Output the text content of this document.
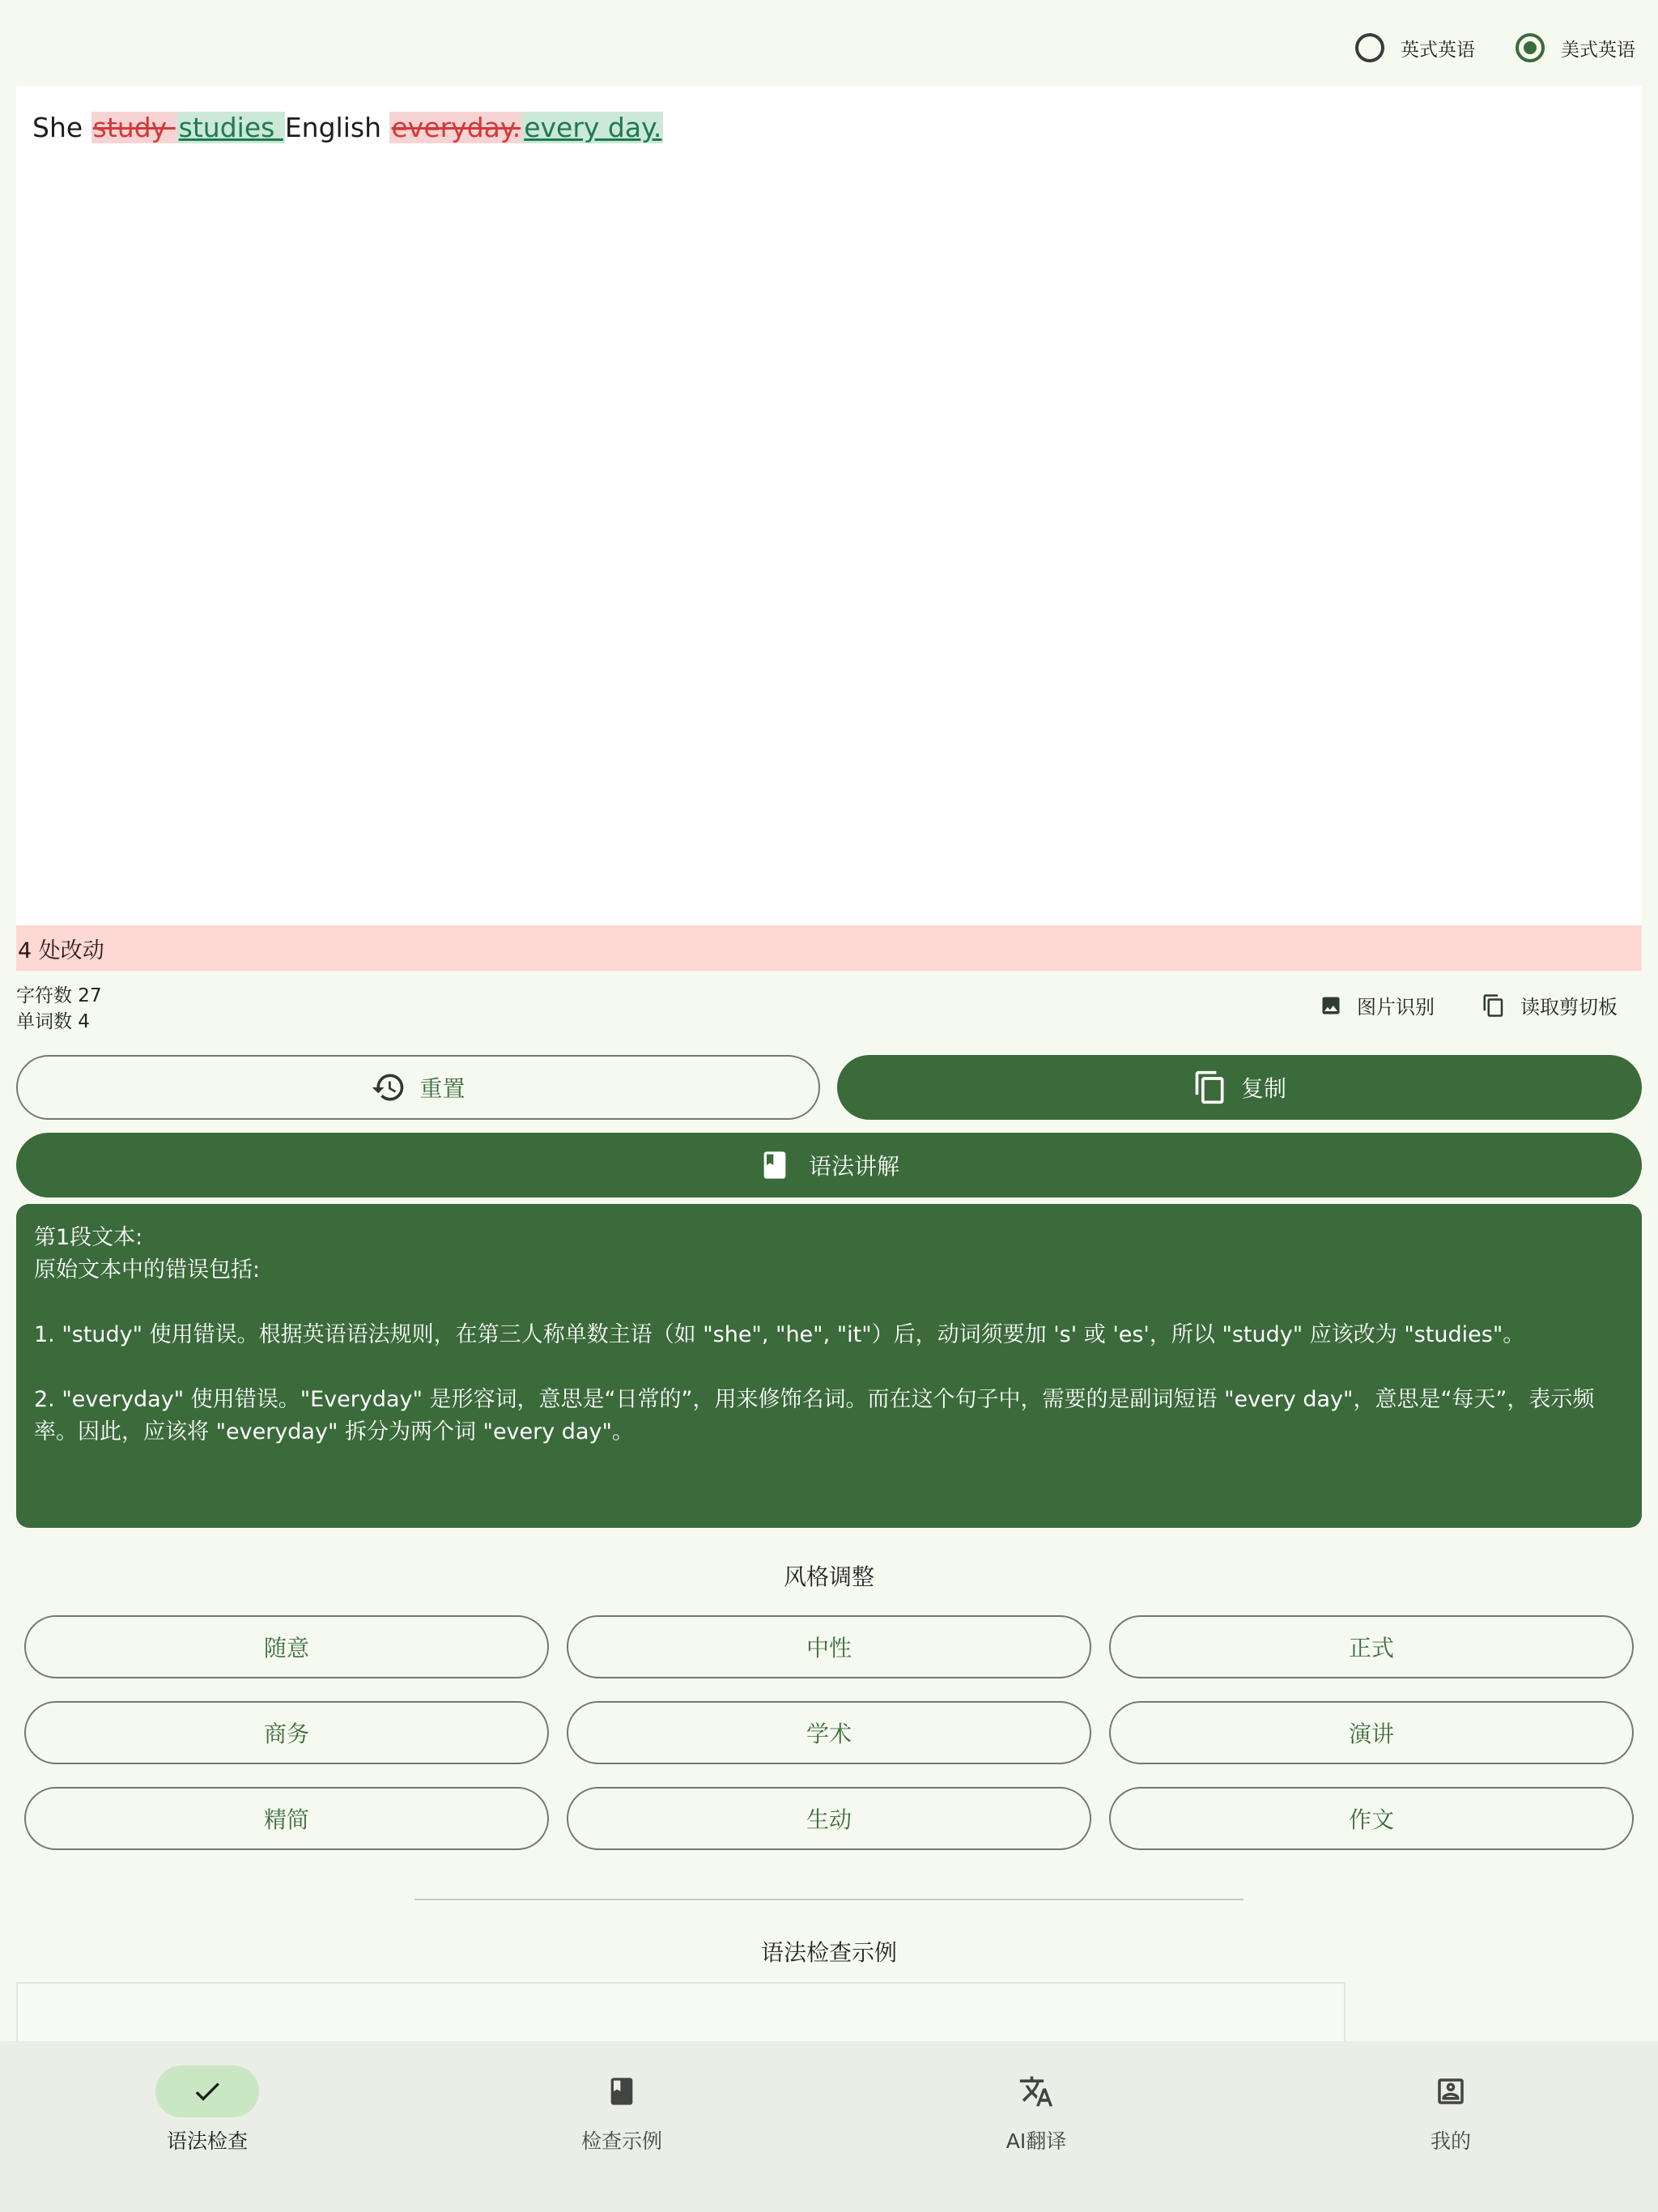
英式英语	美式英语
She study studies English everyday. every day.
4 处改动
字符数 27
单词数 4
图片识别	读取剪切板
重置	复制
语法讲解

第1段文本:

原始文本中的错误包括:

1. "study" 使用错误。根据英语语法规则，在第三人称单数主语（如 "she", "he", "it"）后，动词须要加 's' 或 'es'，所以 "study" 应该改为 "studies"。

2. "everyday" 使用错误。"Everyday" 是形容词，意思是“日常的”，用来修饰名词。而在这个句子中，需要的是副词短语 "every day"，意思是“每天”，表示频率。因此，应该将 "everyday" 拆分为两个词 "every day"。

风格调整
随意	中性	正式
商务	学术	演讲
精简	生动	作文
语法检查示例
语法检查	检查示例	AI翻译	我的
